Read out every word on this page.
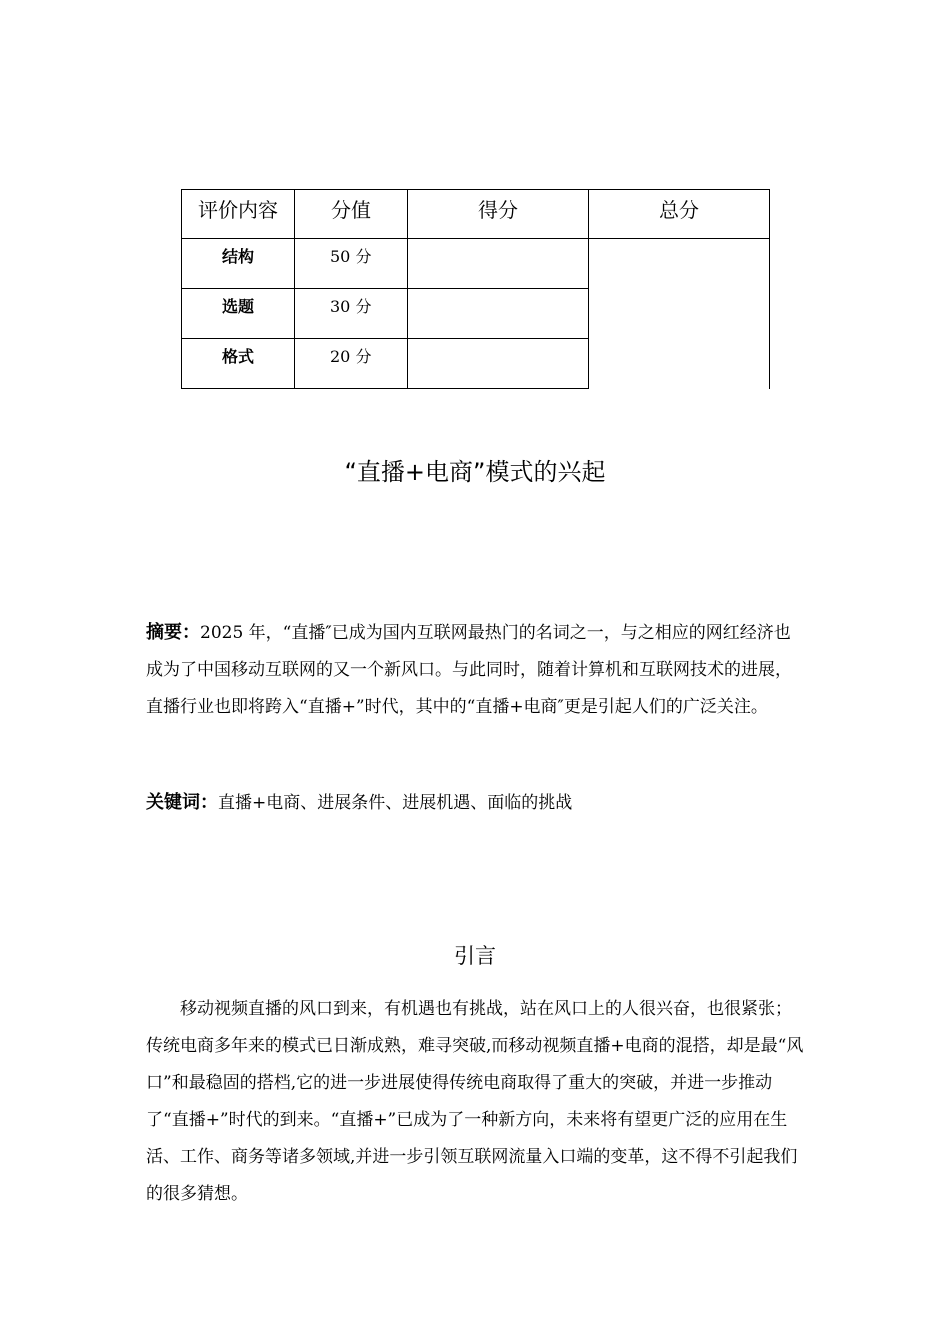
评价内容	分值	得分	总分
结构	50 分		
选题	30 分		
格式	20 分		
“直播+电商”模式的兴起

摘要：2025 年，“直播″已成为国内互联网最热门的名词之一，与之相应的网红经济也成为了中国移动互联网的又一个新风口。与此同时，随着计算机和互联网技术的进展，直播行业也即将跨入“直播+”时代，其中的“直播+电商″更是引起人们的广泛关注。

关键词：直播+电商、进展条件、进展机遇、面临的挑战

引言

移动视频直播的风口到来，有机遇也有挑战，站在风口上的人很兴奋，也很紧张；传统电商多年来的模式已日渐成熟，难寻突破,而移动视频直播+电商的混搭，却是最“风口”和最稳固的搭档,它的进一步进展使得传统电商取得了重大的突破，并进一步推动了“直播+”时代的到来。“直播+”已成为了一种新方向，未来将有望更广泛的应用在生活、工作、商务等诸多领域,并进一步引领互联网流量入口端的变革，这不得不引起我们的很多猜想。
